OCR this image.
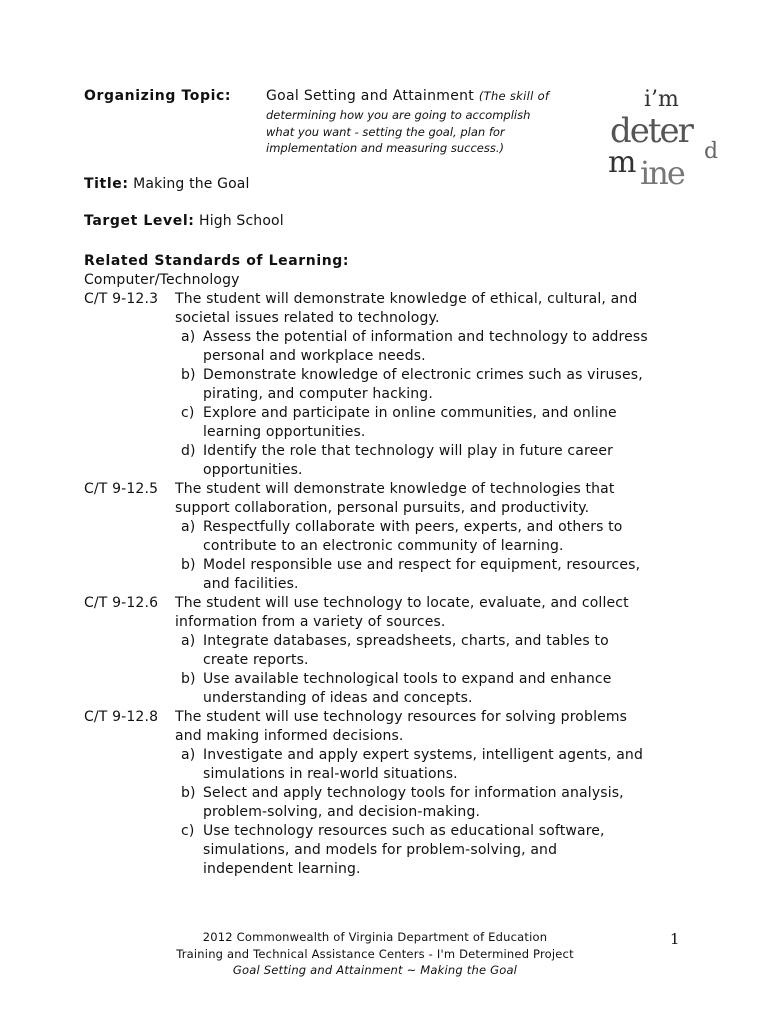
Organizing Topic: Goal Setting and Attainment (The skill of
determining how you are going to accomplish
what you want - setting the goal, plan for
implementation and measuring success.)
i’m
deter
d
m ine
Title: Making the Goal
Target Level: High School
Related Standards of Learning:
Computer/Technology
C/T 9-12.3 The student will demonstrate knowledge of ethical, cultural, and
societal issues related to technology.
a) Assess the potential of information and technology to address
personal and workplace needs.
b) Demonstrate knowledge of electronic crimes such as viruses,
pirating, and computer hacking.
c) Explore and participate in online communities, and online
learning opportunities.
d) Identify the role that technology will play in future career
opportunities.
C/T 9-12.5 The student will demonstrate knowledge of technologies that
support collaboration, personal pursuits, and productivity.
a) Respectfully collaborate with peers, experts, and others to
contribute to an electronic community of learning.
b) Model responsible use and respect for equipment, resources,
and facilities.
C/T 9-12.6 The student will use technology to locate, evaluate, and collect
information from a variety of sources.
a) Integrate databases, spreadsheets, charts, and tables to
create reports.
b) Use available technological tools to expand and enhance
understanding of ideas and concepts.
C/T 9-12.8 The student will use technology resources for solving problems
and making informed decisions.
a) Investigate and apply expert systems, intelligent agents, and
simulations in real-world situations.
b) Select and apply technology tools for information analysis,
problem-solving, and decision-making.
c) Use technology resources such as educational software,
simulations, and models for problem-solving, and
independent learning.
2012 Commonwealth of Virginia Department of Education
Training and Technical Assistance Centers - I'm Determined Project
Goal Setting and Attainment ~ Making the Goal
1
